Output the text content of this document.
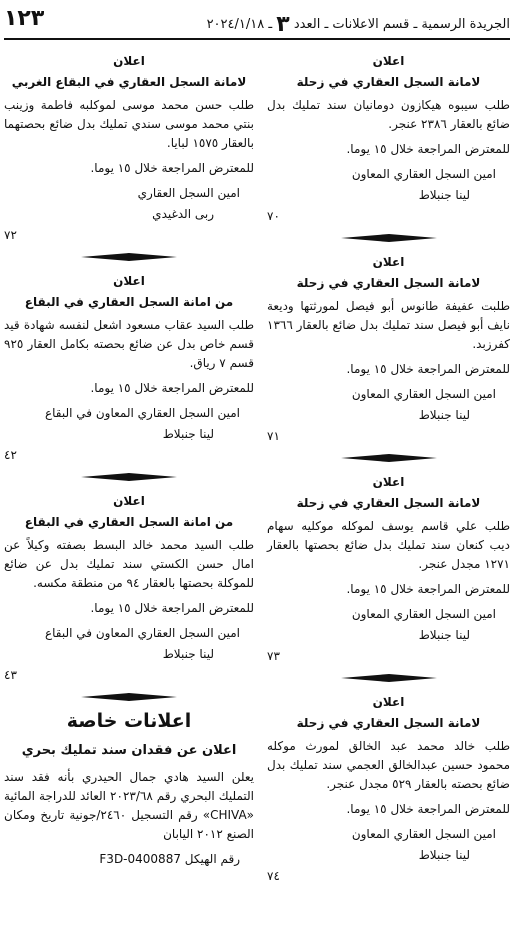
الجريدة الرسمية ـ قسم الاعلانات ـ العدد ٣ ـ ٢٠٢٤/١/١٨
١٢٣
اعلان
لامانة السجل العقاري في زحلة
طلب سيبوه هيكازون دومانيان سند تمليك بدل ضائع بالعقار ٢٣٨٦ عنجر.
للمعترض المراجعة خلال ١٥ يوما.
امين السجل العقاري المعاون
لينا جنبلاط
٧٠
اعلان
لامانة السجل العقاري في زحلة
طلبت عفيفة طانوس أبو فيصل لمورثتها وديعة نايف أبو فيصل سند تمليك بدل ضائع بالعقار ١٣٦٦ كفرزبد.
للمعترض المراجعة خلال ١٥ يوما.
امين السجل العقاري المعاون
لينا جنبلاط
٧١
اعلان
لامانة السجل العقاري في زحلة
طلب علي قاسم يوسف لموكله موكليه سهام ديب كنعان سند تمليك بدل ضائع بحصتها بالعقار ١٢٧١ مجدل عنجر.
للمعترض المراجعة خلال ١٥ يوما.
امين السجل العقاري المعاون
لينا جنبلاط
٧٣
اعلان
لامانة السجل العقاري في زحلة
طلب خالد محمد عبد الخالق لمورث موكله محمود حسين عبدالخالق العجمي سند تمليك بدل ضائع بحصته بالعقار ٥٢٩ مجدل عنجر.
للمعترض المراجعة خلال ١٥ يوما.
امين السجل العقاري المعاون
لينا جنبلاط
٧٤
اعلان
لامانة السجل العقاري في البقاع الغربي
طلب حسن محمد موسى لموكلبه فاطمة وزينب بنتي محمد موسى سندي تمليك بدل ضائع بحصتهما بالعقار ١٥٧٥ لبايا.
للمعترض المراجعة خلال ١٥ يوما.
امين السجل العقاري
ربى الدغيدي
٧٢
اعلان
من امانة السجل العقاري في البقاع
طلب السيد عقاب مسعود اشعل لنفسه شهادة قيد قسم خاص بدل عن ضائع بحصته بكامل العقار ٩٢٥ قسم ٧ رياق.
للمعترض المراجعة خلال ١٥ يوما.
امين السجل العقاري المعاون في البقاع
لينا جنبلاط
٤٢
اعلان
من امانة السجل العقاري في البقاع
طلب السيد محمد خالد البسط بصفته وكيلاً عن امال حسن الكستي سند تمليك بدل عن ضائع للموكلة بحصتها بالعقار ٩٤ من منطقة مكسه.
للمعترض المراجعة خلال ١٥ يوما.
امين السجل العقاري المعاون في البقاع
لينا جنبلاط
٤٣
اعلانات خاصة
اعلان عن فقدان سند تمليك بحري
يعلن السيد هادي جمال الحيدري بأنه فقد سند التمليك البحري رقم ٢٠٢٣/٦٨ العائد للدراجة المائية «CHIVA» رقم التسجيل ٢٤٦٠/جونية تاريخ ومكان الصنع ٢٠١٢ اليابان
رقم الهيكل F3D-0400887
